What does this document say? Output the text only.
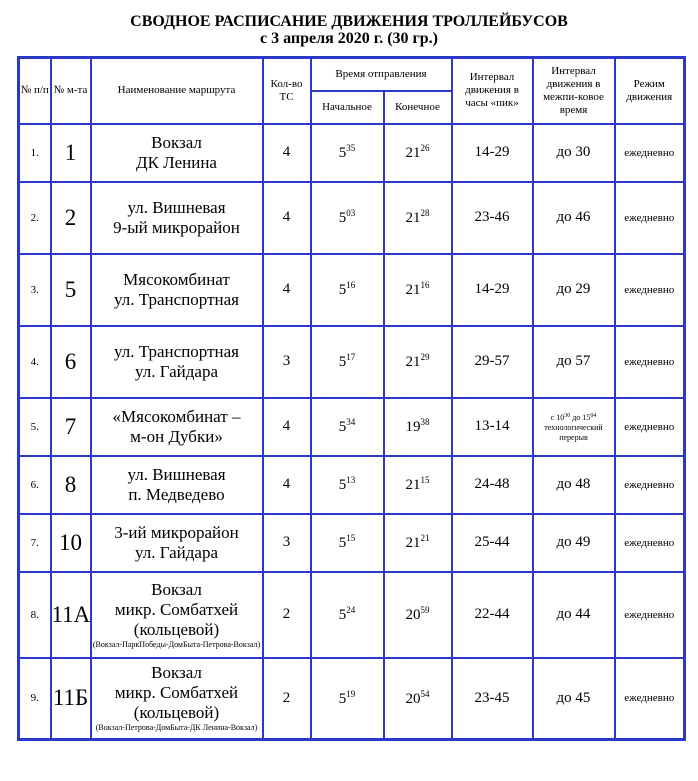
СВОДНОЕ РАСПИСАНИЕ ДВИЖЕНИЯ ТРОЛЛЕЙБУСОВ
с 3 апреля 2020 г. (30 гр.)
№ п/п	№ м-та	Наименование маршрута	Кол-во ТС	Время отправления		Интервал движения в часы «пик»	Интервал движения в межпи-ковое время	Режим движения
				Начальное	Конечное			
1.	1	Вокзал
ДК Ленина	4	$5^{35}$	$21^{26}$	14-29	до 30	ежедневно
2.	2	ул. Вишневая
9-ый микрорайон	4	$5^{03}$	$21^{28}$	23-46	до 46	ежедневно
3.	5	Мясокомбинат
ул. Транспортная	4	$5^{16}$	$21^{16}$	14-29	до 29	ежедневно
4.	6	ул. Транспортная
ул. Гайдара	3	$5^{17}$	$21^{29}$	29-57	до 57	ежедневно
5.	7	«Мясокомбинат –
м-он Дубки»	4	$5^{34}$	$19^{38}$	13-14	с $10^{30}$ до $15^{04}$
технологический перерыв	ежедневно
6.	8	ул. Вишневая
п. Медведево	4	$5^{13}$	$21^{15}$	24-48	до 48	ежедневно
7.	10	3-ий микрорайон
ул. Гайдара	3	$5^{15}$	$21^{21}$	25-44	до 49	ежедневно
8.	11А	Вокзал
микр. Сомбатхей
(кольцевой)
(Вокзал-ПаркПобеды-ДомБыта-Петрова-Вокзал)	2	$5^{24}$	$20^{59}$	22-44	до 44	ежедневно
9.	11Б	Вокзал
микр. Сомбатхей
(кольцевой)
(Вокзал-Петрова-ДомБыта-ДК Ленина-Вокзал)	2	$5^{19}$	$20^{54}$	23-45	до 45	ежедневно
